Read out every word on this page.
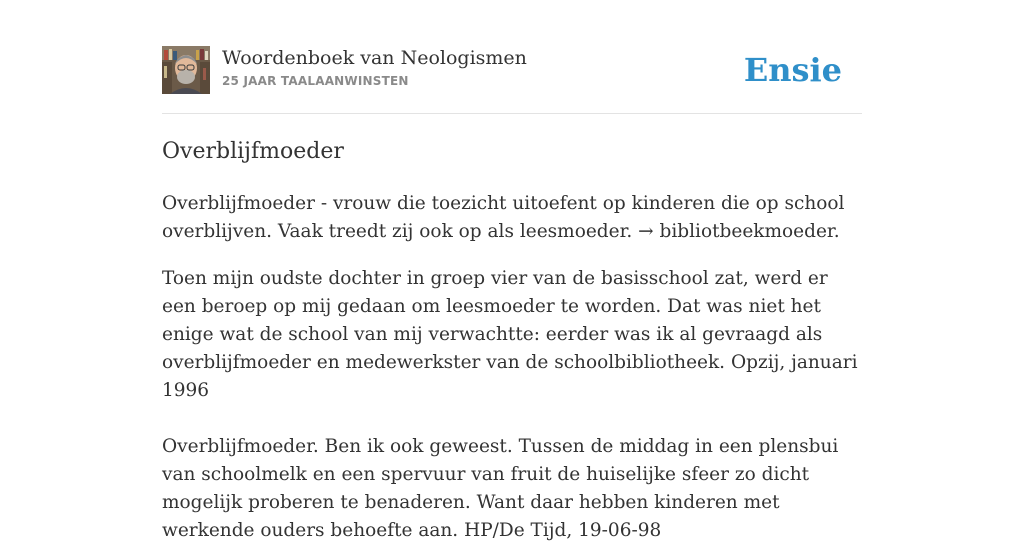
Woordenboek van Neologismen
25 JAAR TAALAANWINSTEN	Ensie
Overblijfmoeder

Overblijfmoeder - vrouw die toezicht uitoefent op kinderen die op school overblijven. Vaak treedt zij ook op als leesmoeder. → bibliotbeekmoeder.

Toen mijn oudste dochter in groep vier van de basisschool zat, werd er een beroep op mij gedaan om leesmoeder te worden. Dat was niet het enige wat de school van mij verwachtte: eerder was ik al gevraagd als overblijfmoeder en medewerkster van de schoolbibliotheek. Opzij, januari 1996

Overblijfmoeder. Ben ik ook geweest. Tussen de middag in een plensbui van schoolmelk en een spervuur van fruit de huiselijke sfeer zo dicht mogelijk proberen te benaderen. Want daar hebben kinderen met werkende ouders behoefte aan. HP/De Tijd, 19-06-98
